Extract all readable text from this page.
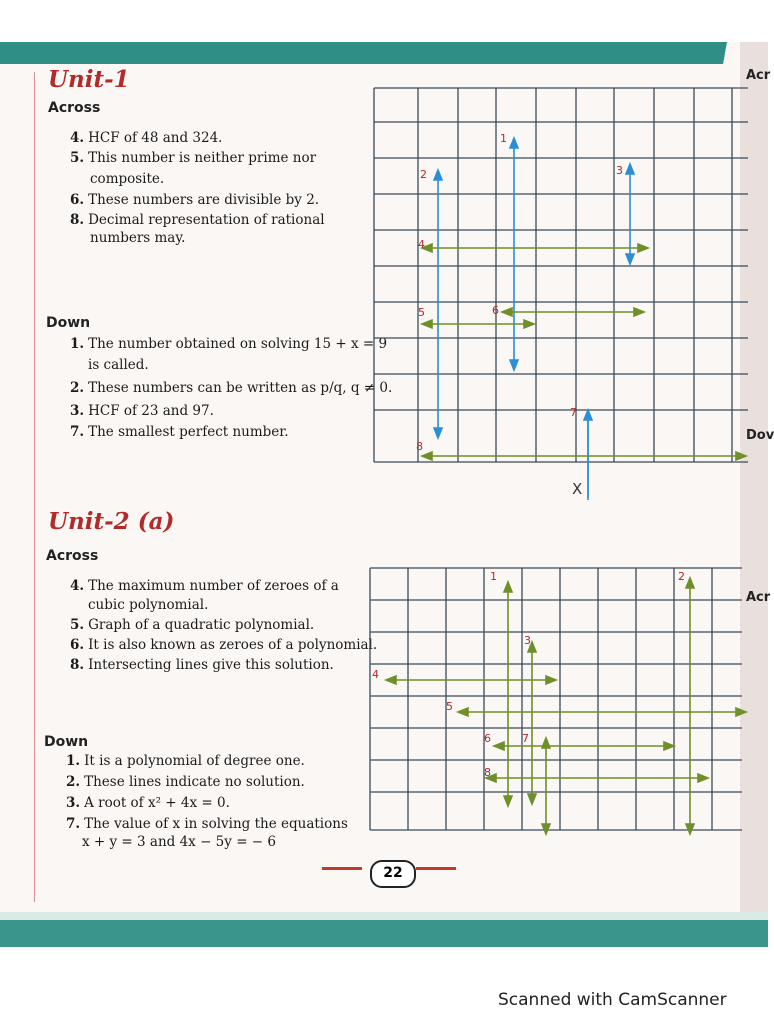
Unit-1
Across
4. HCF of 48 and 324.
5. This number is neither prime nor
composite.
6. These numbers are divisible by 2.
8. Decimal representation of rational
numbers may.
Down
1. The number obtained on solving 15 + x = 9
is called.
2. These numbers can be written as p/q, q ≠ 0.
3. HCF of 23 and 97.
7. The smallest perfect number.
1
2	3
4
5	6
7
8
X
Unit-2 (a)
Across
4. The maximum number of zeroes of a
cubic polynomial.
5. Graph of a quadratic polynomial.
6. It is also known as zeroes of a polynomial.
8. Intersecting lines give this solution.
Down
1. It is a polynomial of degree one.
2. These lines indicate no solution.
3. A root of x² + 4x = 0.
7. The value of x in solving the equations
x + y = 3 and 4x − 5y = − 6
1	2
3
4
5
6	7
8
Acr
Dov
Acr
22
Scanned with CamScanner
